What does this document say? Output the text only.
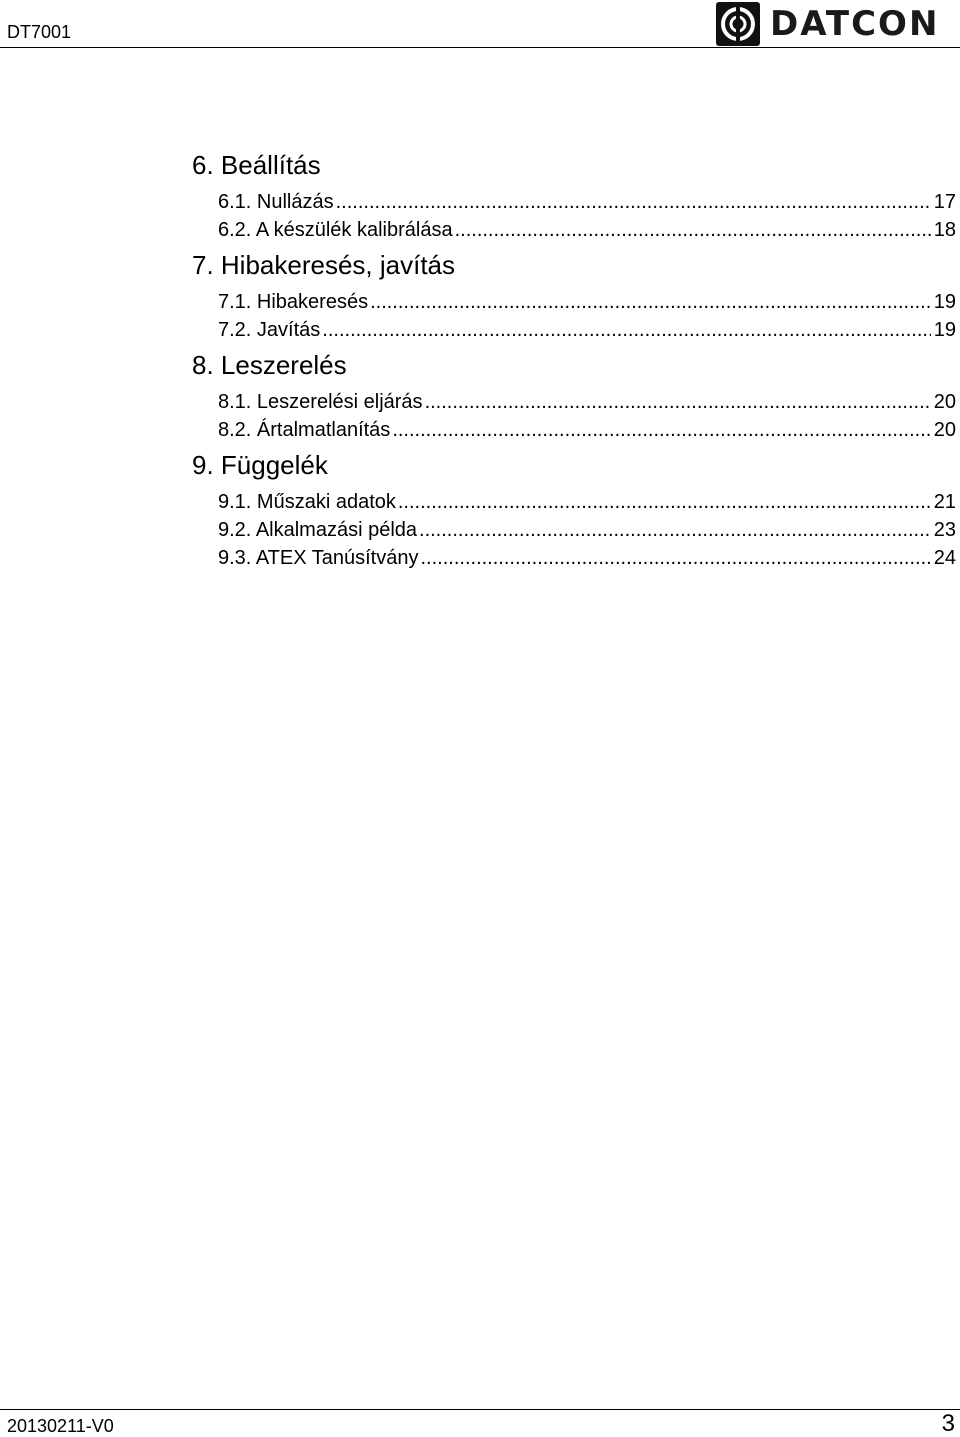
DT7001	DATCON
6. Beállítás
6.1. Nullázás .....	17
6.2. A készülék kalibrálása .....	18
7. Hibakeresés, javítás
7.1. Hibakeresés .....	19
7.2. Javítás .....	19
8. Leszerelés
8.1. Leszerelési eljárás .....	20
8.2. Ártalmatlanítás .....	20
9. Függelék
9.1. Műszaki adatok .....	21
9.2. Alkalmazási példa .....	23
9.3. ATEX Tanúsítvány .....	24
20130211-V0	3
